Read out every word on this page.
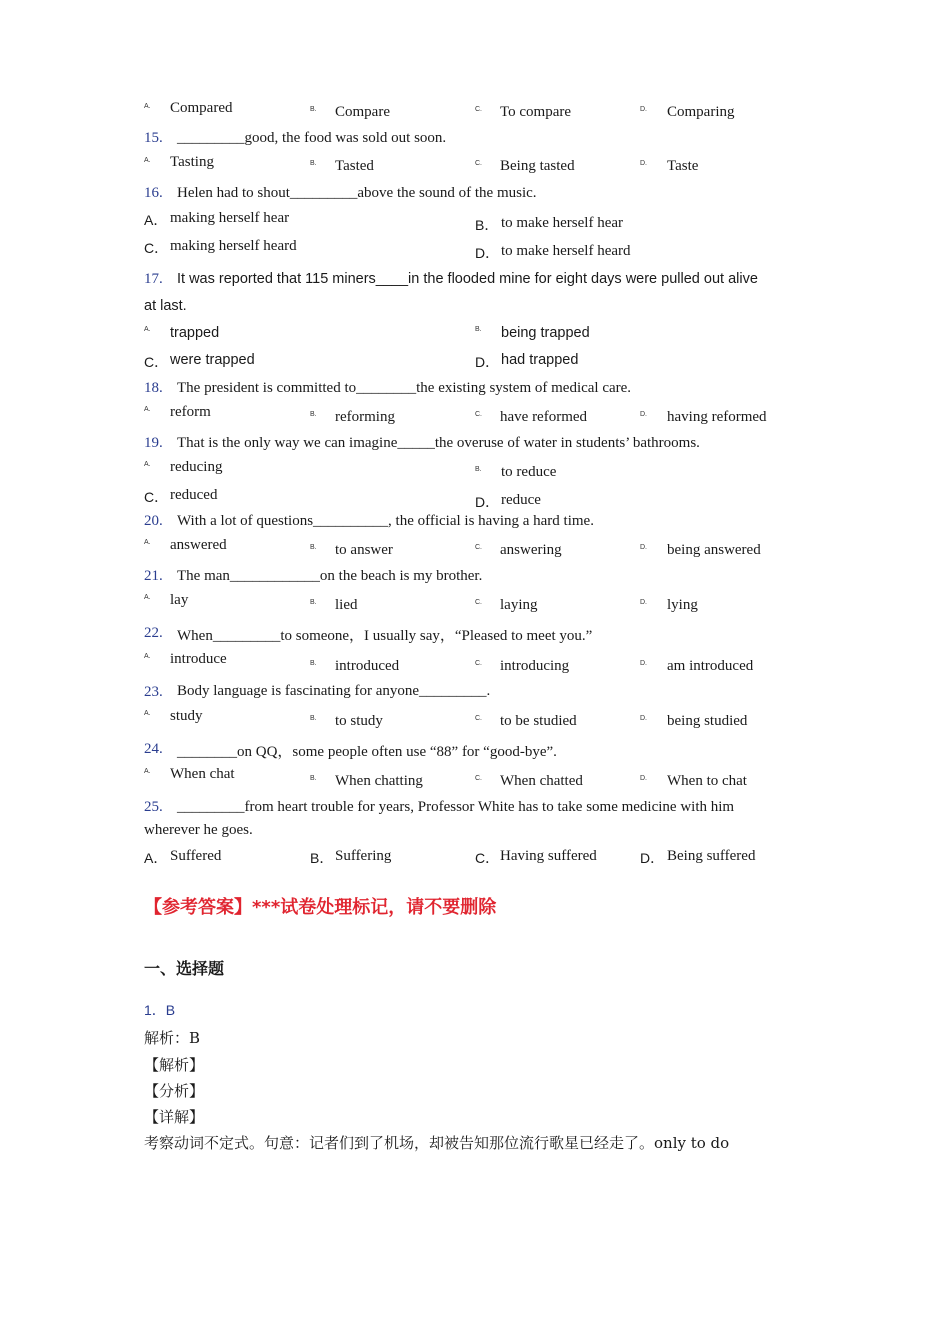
A. Compared	B. Compare	C. To compare	D. Comparing
15. _________good, the food was sold out soon.
A. Tasting	B. Tasted	C. Being tasted	D. Taste
16. Helen had to shout_________above the sound of the music.
A． making herself hear	B． to make herself hear
C． making herself heard	D． to make herself heard
17. It was reported that 115 miners____in the flooded mine for eight days were pulled out alive
at last.
A. trapped	B. being trapped
C． were trapped	D． had trapped
18. The president is committed to________the existing system of medical care.
A. reform	B. reforming	C. have reformed	D. having reformed
19. That is the only way we can imagine_____the overuse of water in students’ bathrooms.
A. reducing	B. to reduce
C． reduced	D． reduce
20. With a lot of questions__________, the official is having a hard time.
A. answered	B. to answer	C. answering	D. being answered
21. The man____________on the beach is my brother.
A. lay	B. lied	C. laying	D. lying
22. When_________to someone，I usually say，“Pleased to meet you.”
A. introduce	B. introduced	C. introducing	D. am introduced
23. Body language is fascinating for anyone_________.
A. study	B. to study	C. to be studied	D. being studied
24. ________on QQ，some people often use “88” for “good-bye”.
A. When chat	B. When chatting	C. When chatted	D. When to chat
25. _________from heart trouble for years, Professor White has to take some medicine with him
wherever he goes.
A． Suffered	B． Suffering	C． Having suffered	D． Being suffered
【参考答案】***试卷处理标记，请不要删除
一、选择题
1．B
解析：B
【解析】
【分析】
【详解】
考察动词不定式。句意：记者们到了机场，却被告知那位流行歌星已经走了。only to do
